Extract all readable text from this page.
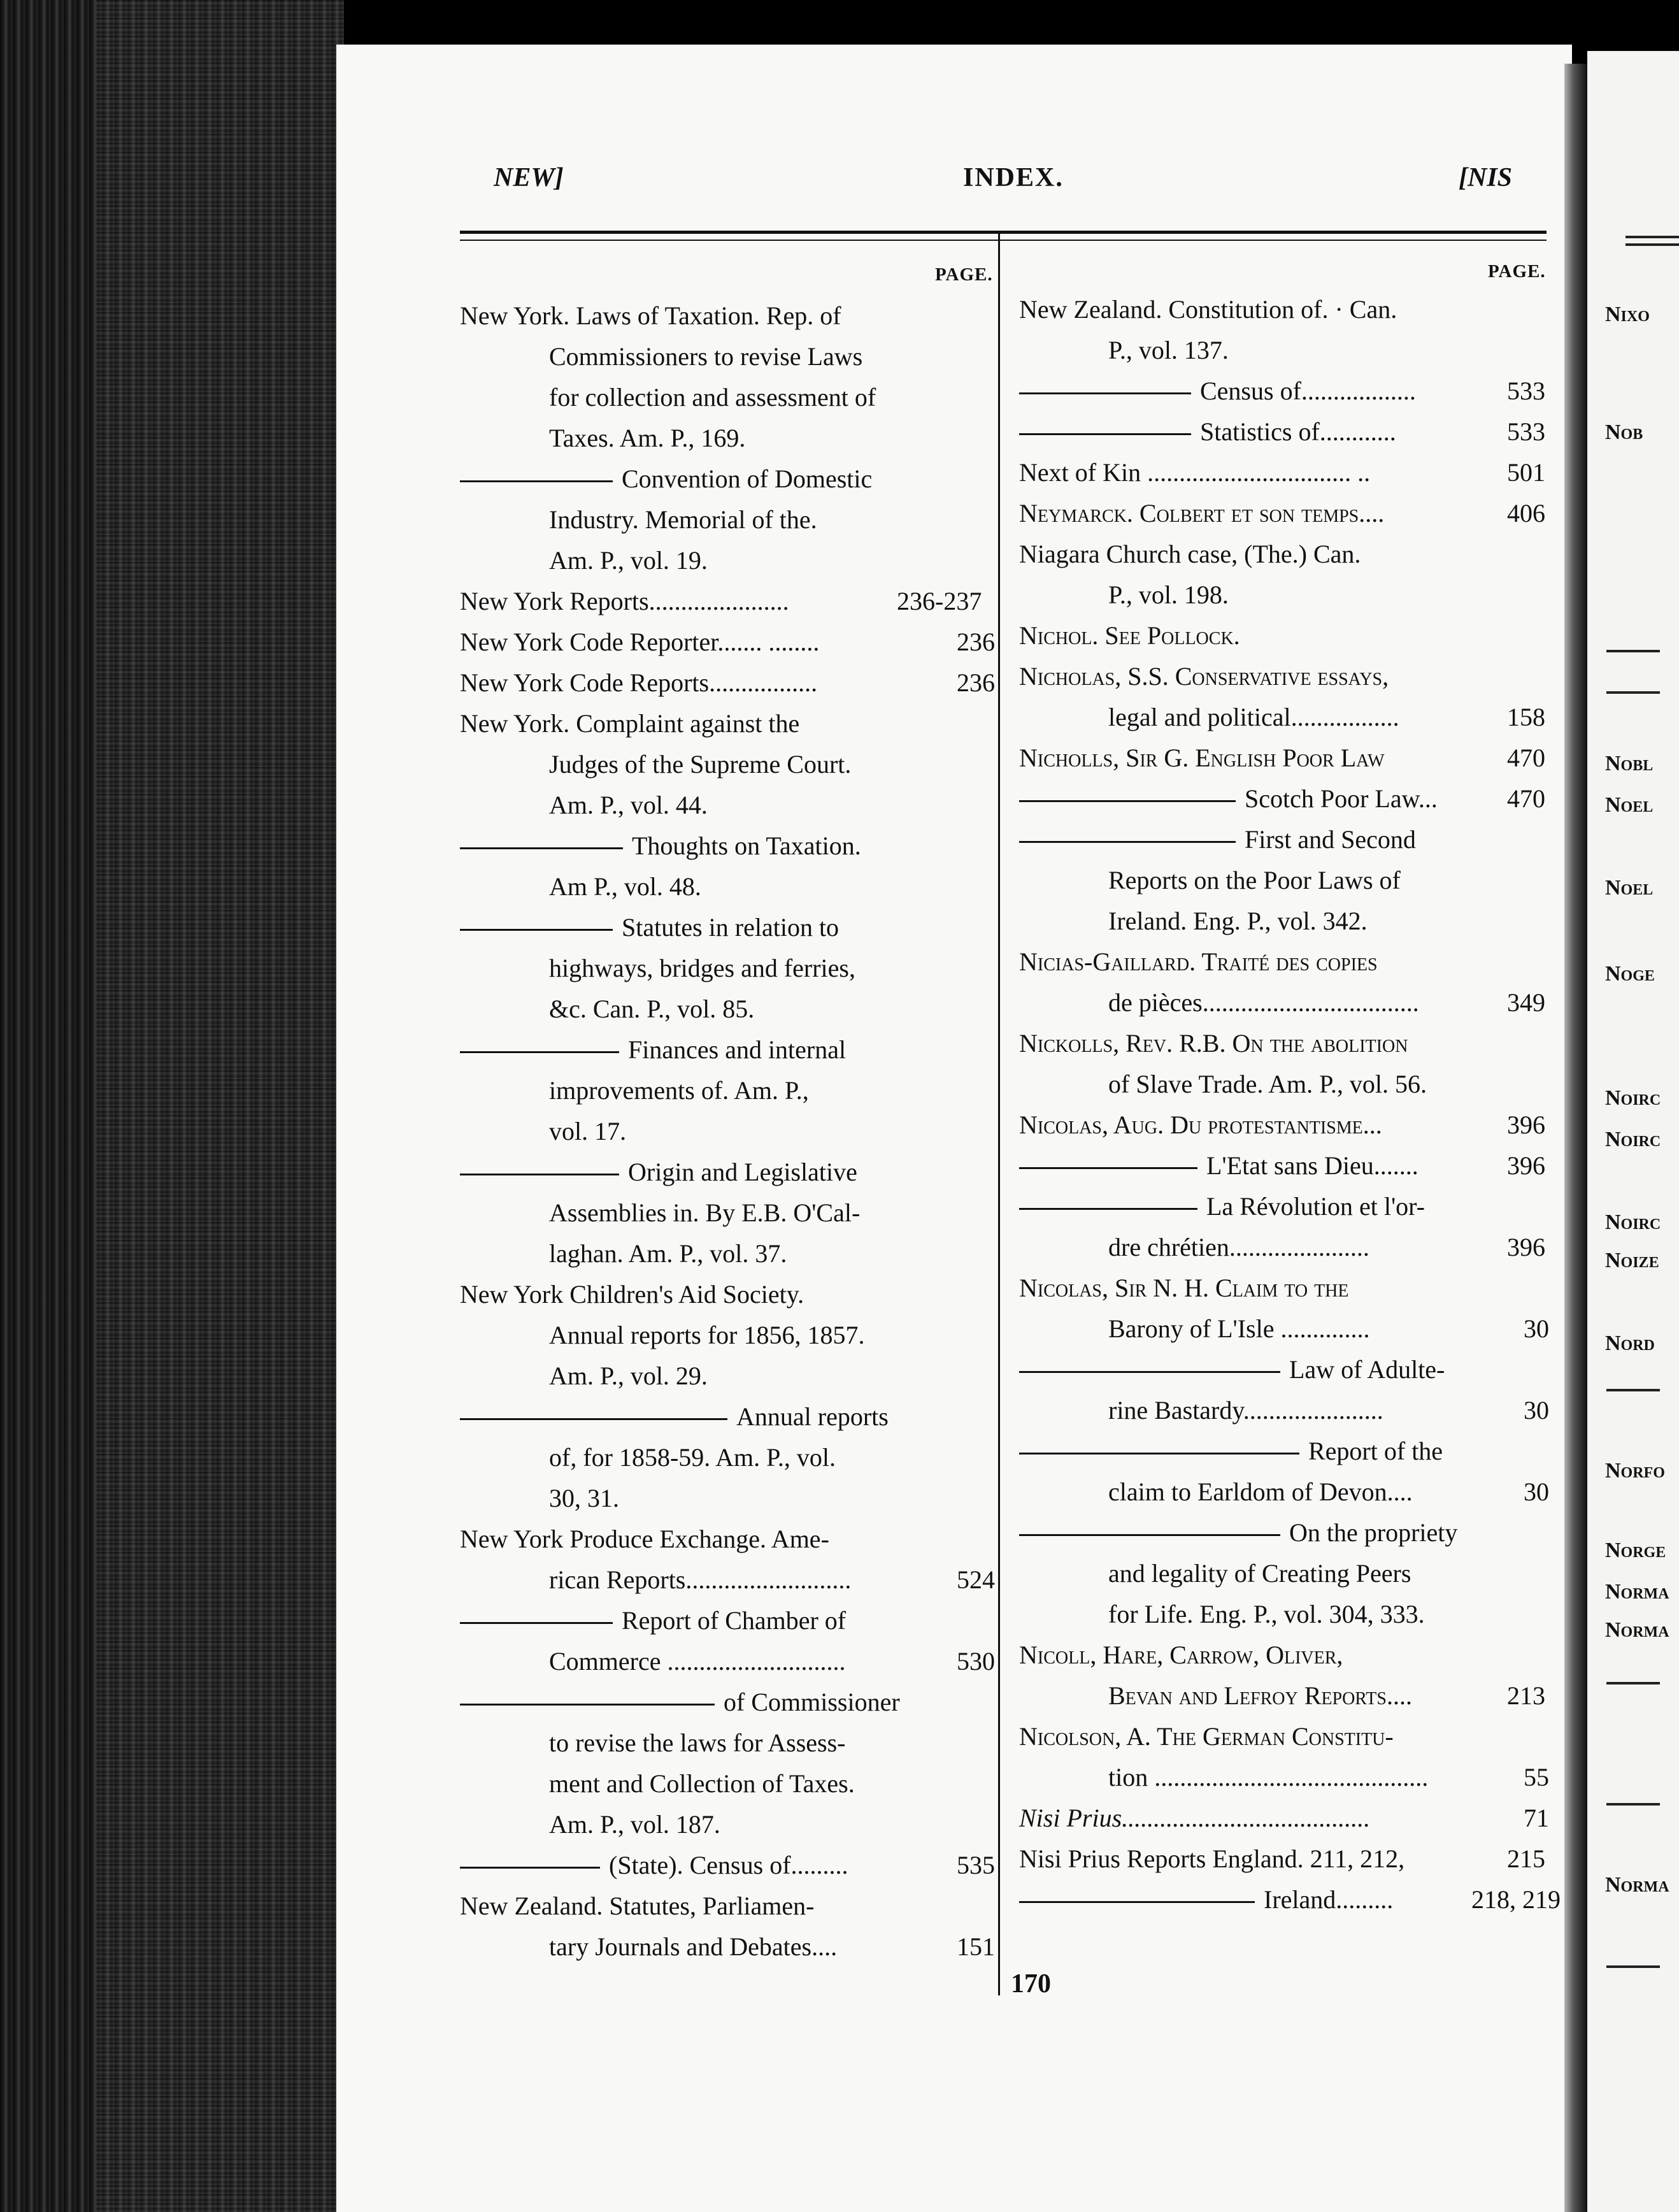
Nixo
Nob
Nobl
Noel
Noel
Noge
Noirc
Noirc
Noirc
Noize
Nord
Norfo
Norge
Norma
Norma
Norma
NEW]	INDEX.	[NIS
PAGE.	PAGE.
New York. Laws of Taxation. Rep. of
Commissioners to revise Laws
for collection and assessment of
Taxes. Am. P., 169.
Convention of Domestic
Industry. Memorial of the.
Am. P., vol. 19.
New York Reports......................	236-237
New York Code Reporter....... ........	236
New York Code Reports.................	236
New York. Complaint against the
Judges of the Supreme Court.
Am. P., vol. 44.
Thoughts on Taxation.
Am P., vol. 48.
Statutes in relation to
highways, bridges and ferries,
&c. Can. P., vol. 85.
Finances and internal
improvements of. Am. P.,
vol. 17.
Origin and Legislative
Assemblies in. By E.B. O'Cal-
laghan. Am. P., vol. 37.
New York Children's Aid Society.
Annual reports for 1856, 1857.
Am. P., vol. 29.
Annual reports
of, for 1858-59. Am. P., vol.
30, 31.
New York Produce Exchange. Ame-
rican Reports..........................	524
Report of Chamber of
Commerce ............................	530
of Commissioner
to revise the laws for Assess-
ment and Collection of Taxes.
Am. P., vol. 187.
(State). Census of.........	535
New Zealand. Statutes, Parliamen-
tary Journals and Debates....	151
New Zealand. Constitution of. · Can.
P., vol. 137.
Census of..................	533
Statistics of............	533
Next of Kin ................................ ..	501
Neymarck. Colbert et son temps....	406
Niagara Church case, (The.) Can.
P., vol. 198.
Nichol. See Pollock.
Nicholas, S.S. Conservative essays,
legal and political.................	158
Nicholls, Sir G. English Poor Law	470
Scotch Poor Law...	470
First and Second
Reports on the Poor Laws of
Ireland. Eng. P., vol. 342.
Nicias-Gaillard. Traité des copies
de pièces..................................	349
Nickolls, Rev. R.B. On the abolition
of Slave Trade. Am. P., vol. 56.
Nicolas, Aug. Du protestantisme...	396
L'Etat sans Dieu.......	396
La Révolution et l'or-
dre chrétien......................	396
Nicolas, Sir N. H. Claim to the
Barony of L'Isle ..............	30
Law of Adulte-
rine Bastardy......................	30
Report of the
claim to Earldom of Devon....	30
On the propriety
and legality of Creating Peers
for Life. Eng. P., vol. 304, 333.
Nicoll, Hare, Carrow, Oliver,
Bevan and Lefroy Reports....	213
Nicolson, A. The German Constitu-
tion ...........................................	55
Nisi Prius.......................................	71
Nisi Prius Reports England. 211, 212,	215
Ireland.........	218, 219
170
